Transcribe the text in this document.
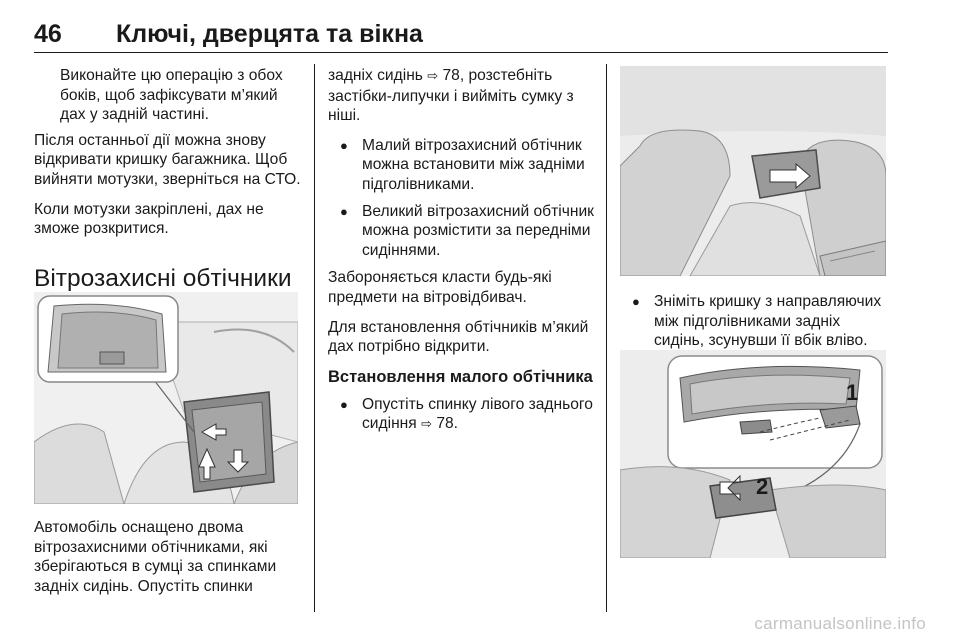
46 Ключі, дверцята та вікна

Виконайте цю операцію з обох боків, щоб зафіксувати м’який дах у задній частині.

Після останньої дії можна знову відкривати кришку багажника. Щоб вийняти мотузки, зверніться на СТО.

Коли мотузки закріплені, дах не зможе розкритися.

Вітрозахисні обтічники

Автомобіль оснащено двома вітрозахисними обтічниками, які зберігаються в сумці за спинками задніх сидінь. Опустіть спинки

задніх сидінь ⇨ 78, розстебніть застібки-липучки і вийміть сумку з ніші.

● Малий вітрозахисний обтічник можна встановити між задніми підголівниками.
● Великий вітрозахисний обтічник можна розмістити за передніми сидіннями.

Забороняється класти будь-які предмети на вітровідбивач.

Для встановлення обтічників м’який дах потрібно відкрити.

Встановлення малого обтічника
● Опустіть спинку лівого заднього сидіння ⇨ 78.
● Зніміть кришку з направляючих між підголівниками задніх сидінь, зсунувши її вбік вліво.
1
2
carmanualsonline.info
